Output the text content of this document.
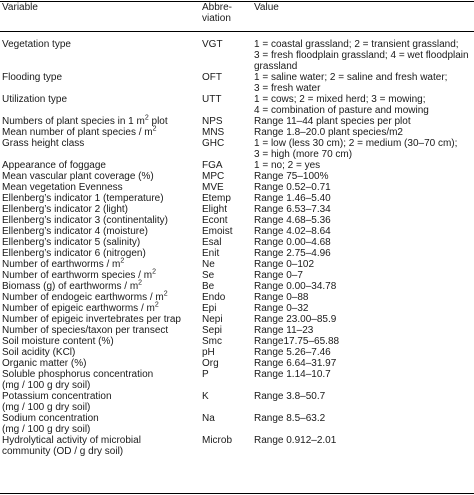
Variable	Abbre-
viation
Value
Vegetation type	VGT	1 = coastal grassland; 2 = transient grassland;
3 = fresh floodplain grassland; 4 = wet floodplain
grassland
Flooding type	OFT	1 = saline water; 2 = saline and fresh water;
3 = fresh water
Utilization type	UTT	1 = cows; 2 = mixed herd; 3 = mowing;
4 = combination of pasture and mowing
Numbers of plant species in 1 $m^2$ plot	NPS	Range 11–44 plant species per plot
Mean number of plant species / $m^2$	MNS	Range 1.8–20.0 plant species/m2
Grass height class	GHC	1 = low (less 30 cm); 2 = medium (30–70 cm);
3 = high (more 70 cm)
Appearance of foggage	FGA	1 = no; 2 = yes
Mean vascular plant coverage (%)	MPC	Range 75–100%
Mean vegetation Evenness	MVE	Range 0.52–0.71
Ellenberg’s indicator 1 (temperature)	Etemp	Range 1.46–5.40
Ellenberg’s indicator 2 (light)	Elight	Range 6.53–7.34
Ellenberg’s indicator 3 (continentality)	Econt	Range 4.68–5.36
Ellenberg’s indicator 4 (moisture)	Emoist	Range 4.02–8.64
Ellenberg’s indicator 5 (salinity)	Esal	Range 0.00–4.68
Ellenberg’s indicator 6 (nitrogen)	Enit	Range 2.75–4.96
Number of earthworms / $m^2$	Ne	Range 0–102
Number of earthworm species / $m^2$	Se	Range 0–7
Biomass (g) of earthworms / $m^2$	Be	Range 0.00–34.78
Number of endogeic earthworms / $m^2$	Endo	Range 0–88
Number of epigeic earthworms / $m^2$	Epi	Range 0–32
Number of epigeic invertebrates per trap	Nepi	Range 23.00–85.9
Number of species/taxon per transect	Sepi	Range 11–23
Soil moisture content (%)	Smc	Range17.75–65.88
Soil acidity (KCl)	pH	Range 5.26–7.46
Organic matter (%)	Org	Range 6.64–31.97
Soluble phosphorus concentration
(mg / 100 g dry soil)
P	Range 1.14–10.7
Potassium concentration
(mg / 100 g dry soil)
K	Range 3.8–50.7
Sodium concentration
(mg / 100 g dry soil)
Na	Range 8.5–63.2
Hydrolytical activity of microbial
community (OD / g dry soil)
Microb	Range 0.912–2.01
